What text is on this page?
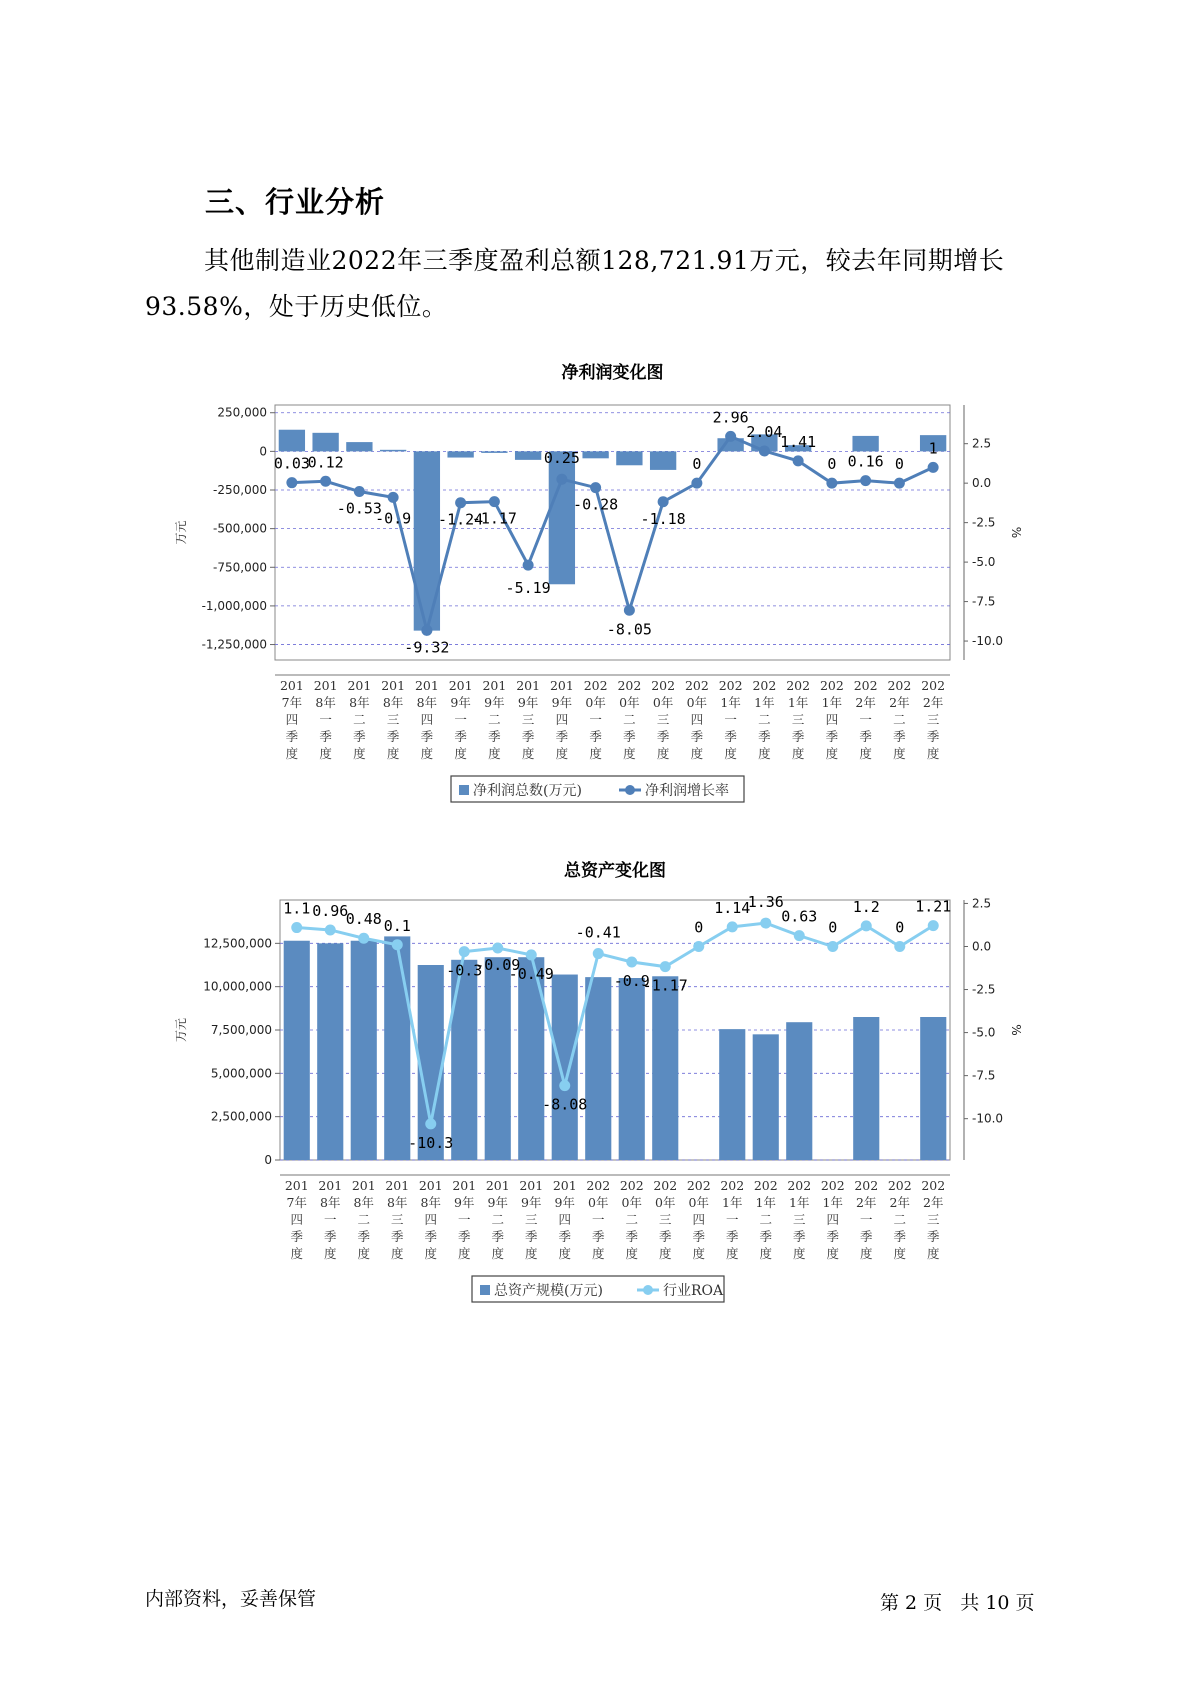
三、行业分析
其他制造业2022年三季度盈利总额128,721.91万元，较去年同期增长93.58%，处于历史低位。
净利润变化图
250,000
0
-250,000
-500,000
-750,000
-1,000,000
-1,250,000
2.5
0.0
-2.5
-5.0
-7.5
-10.0
万元	%
0.03
0.12
-0.53
-0.9
-9.32
-1.24
-1.17
-5.19
0.25
-0.28
-8.05
-1.18
0
2.96
2.04
1.41
0 0.16 0
1
201
7年
四
季
度
201
8年
一
季
度
201
8年
二
季
度
201
8年
三
季
度
201
8年
四
季
度
201
9年
一
季
度
201
9年
二
季
度
201
9年
三
季
度
201
9年
四
季
度
202
0年
一
季
度
202
0年
二
季
度
202
0年
三
季
度
202
0年
四
季
度
202
1年
一
季
度
202
1年
二
季
度
202
1年
三
季
度
202
1年
四
季
度
202
2年
一
季
度
202
2年
二
季
度
202
2年
三
季
度
净利润总数(万元)	净利润增长率
总资产变化图
12,500,000
10,000,000
7,500,000
5,000,000
2,500,000
0
2.5
0.0
-2.5
-5.0
-7.5
-10.0
万元	%
1.1 0.96
0.48 0.1
-10.3
-0.3
-0.09
-0.49
-8.08
-0.41
-0.9
-1.17
0
1.14
1.36
0.63
0
1.2
0
1.21
201
7年
四
季
度
201
8年
一
季
度
201
8年
二
季
度
201
8年
三
季
度
201
8年
四
季
度
201
9年
一
季
度
201
9年
二
季
度
201
9年
三
季
度
201
9年
四
季
度
202
0年
一
季
度
202
0年
二
季
度
202
0年
三
季
度
202
0年
四
季
度
202
1年
一
季
度
202
1年
二
季
度
202
1年
三
季
度
202
1年
四
季
度
202
2年
一
季
度
202
2年
二
季
度
202
2年
三
季
度
总资产规模(万元)	行业ROA
内部资料，妥善保管	第 2 页   共 10 页
